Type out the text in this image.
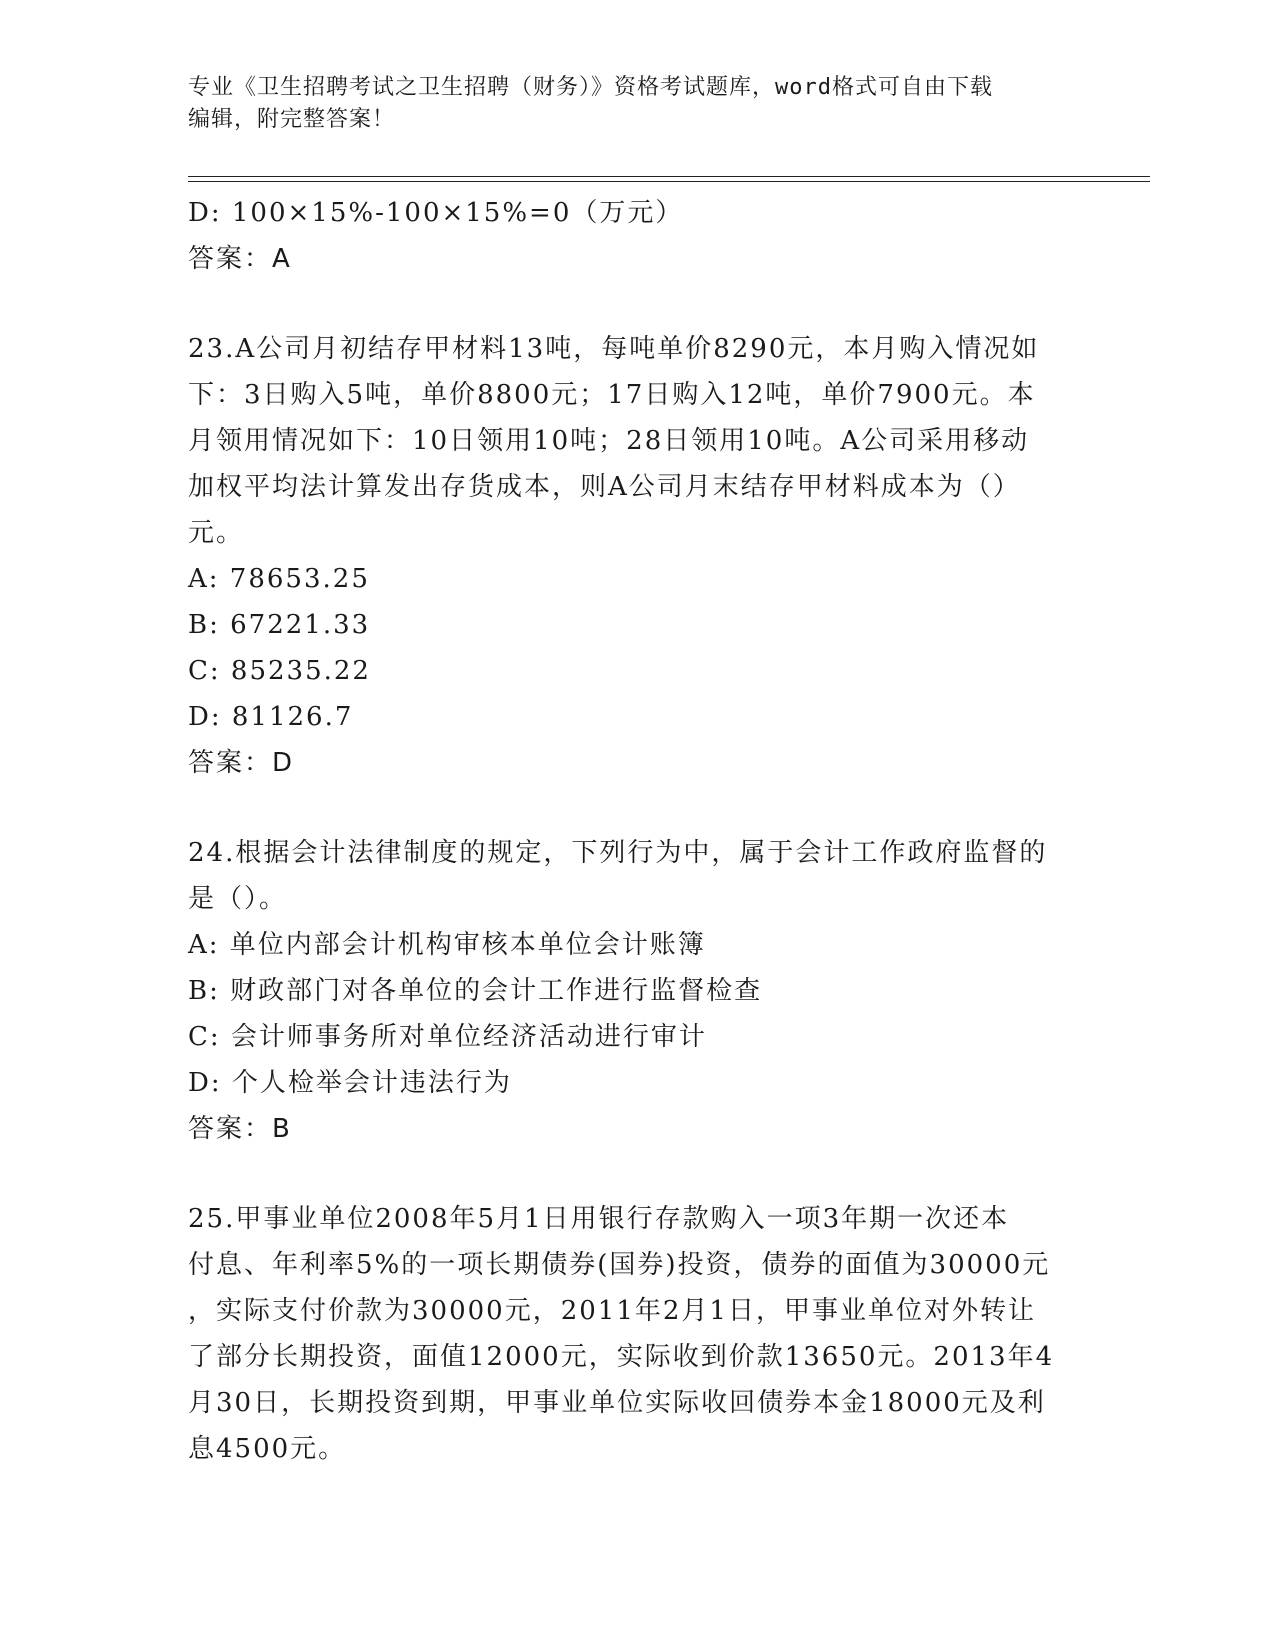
专业《卫生招聘考试之卫生招聘（财务）》资格考试题库，word格式可自由下载
编辑，附完整答案！
D: 100×15%-100×15%=0（万元）
答案：A
23.A公司月初结存甲材料13吨，每吨单价8290元，本月购入情况如
下：3日购入5吨，单价8800元；17日购入12吨，单价7900元。本
月领用情况如下：10日领用10吨；28日领用10吨。A公司采用移动
加权平均法计算发出存货成本，则A公司月末结存甲材料成本为（）
元。
A: 78653.25
B: 67221.33
C: 85235.22
D: 81126.7
答案：D
24.根据会计法律制度的规定，下列行为中，属于会计工作政府监督的
是（）。
A: 单位内部会计机构审核本单位会计账簿
B: 财政部门对各单位的会计工作进行监督检查
C: 会计师事务所对单位经济活动进行审计
D: 个人检举会计违法行为
答案：B
25.甲事业单位2008年5月1日用银行存款购入一项3年期一次还本
付息、年利率5%的一项长期债券(国券)投资，债券的面值为30000元
，实际支付价款为30000元，2011年2月1日，甲事业单位对外转让
了部分长期投资，面值12000元，实际收到价款13650元。2013年4
月30日，长期投资到期，甲事业单位实际收回债券本金18000元及利
息4500元。
